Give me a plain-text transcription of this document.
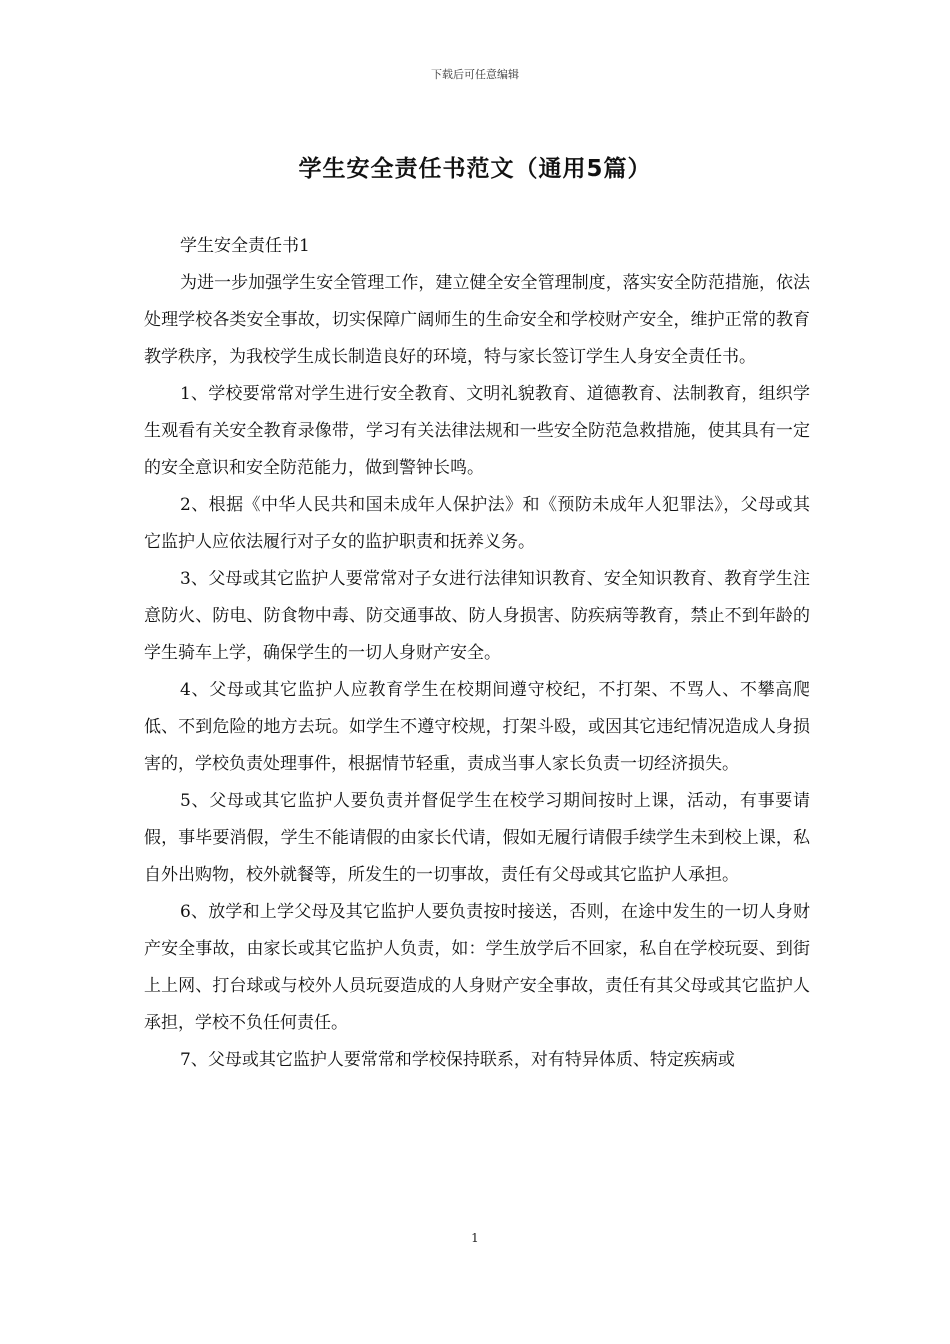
下载后可任意编辑
学生安全责任书范文（通用5篇）

学生安全责任书1

为进一步加强学生安全管理工作，建立健全安全管理制度，落实安全防范措施，依法处理学校各类安全事故，切实保障广阔师生的生命安全和学校财产安全，维护正常的教育教学秩序，为我校学生成长制造良好的环境，特与家长签订学生人身安全责任书。

1、学校要常常对学生进行安全教育、文明礼貌教育、道德教育、法制教育，组织学生观看有关安全教育录像带，学习有关法律法规和一些安全防范急救措施，使其具有一定的安全意识和安全防范能力，做到警钟长鸣。

2、根据《中华人民共和国未成年人保护法》和《预防未成年人犯罪法》，父母或其它监护人应依法履行对子女的监护职责和抚养义务。

3、父母或其它监护人要常常对子女进行法律知识教育、安全知识教育、教育学生注意防火、防电、防食物中毒、防交通事故、防人身损害、防疾病等教育，禁止不到年龄的学生骑车上学，确保学生的一切人身财产安全。

4、父母或其它监护人应教育学生在校期间遵守校纪，不打架、不骂人、不攀高爬低、不到危险的地方去玩。如学生不遵守校规，打架斗殴，或因其它违纪情况造成人身损害的，学校负责处理事件，根据情节轻重，责成当事人家长负责一切经济损失。

5、父母或其它监护人要负责并督促学生在校学习期间按时上课，活动，有事要请假，事毕要消假，学生不能请假的由家长代请，假如无履行请假手续学生未到校上课，私自外出购物，校外就餐等，所发生的一切事故，责任有父母或其它监护人承担。

6、放学和上学父母及其它监护人要负责按时接送，否则，在途中发生的一切人身财产安全事故，由家长或其它监护人负责，如：学生放学后不回家，私自在学校玩耍、到街上上网、打台球或与校外人员玩耍造成的人身财产安全事故，责任有其父母或其它监护人承担，学校不负任何责任。

7、父母或其它监护人要常常和学校保持联系，对有特异体质、特定疾病或

1
